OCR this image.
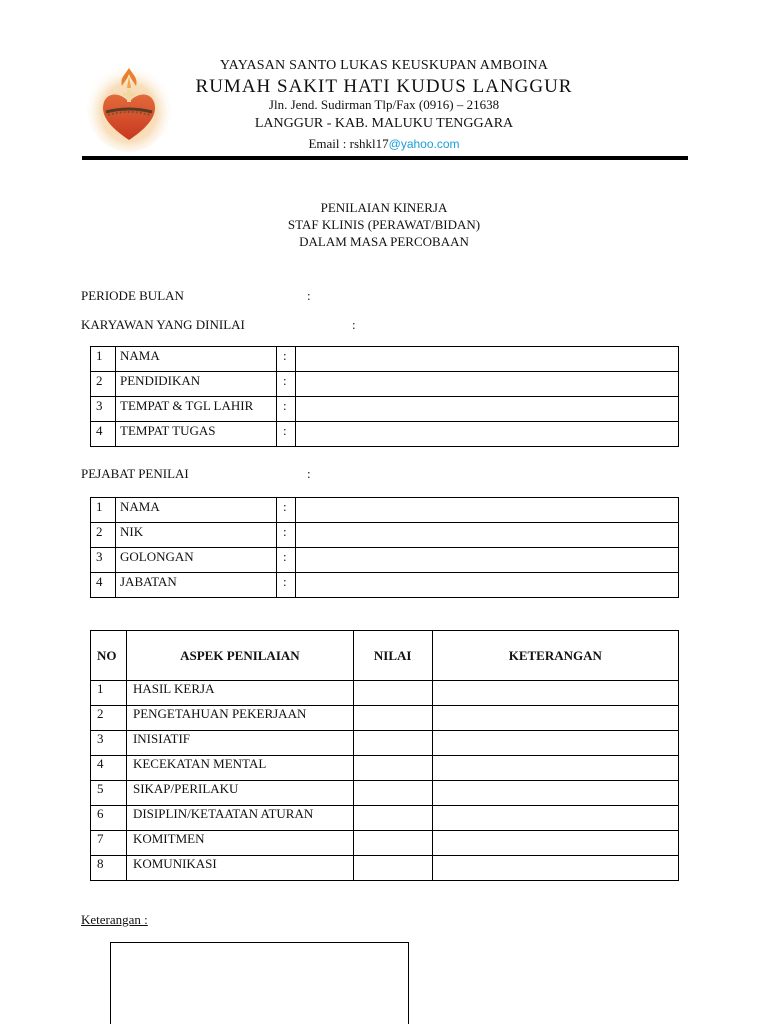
YAYASAN SANTO LUKAS KEUSKUPAN AMBOINA
RUMAH SAKIT HATI KUDUS LANGGUR
Jln. Jend. Sudirman Tlp/Fax (0916) – 21638
LANGGUR - KAB. MALUKU TENGGARA
Email : rshkl17@yahoo.com
PENILAIAN KINERJA
STAF KLINIS (PERAWAT/BIDAN)
DALAM MASA PERCOBAAN
PERIODE BULAN	:
KARYAWAN YANG DINILAI	:
1	NAMA	:	
2	PENDIDIKAN	:	
3	TEMPAT & TGL LAHIR	:	
4	TEMPAT TUGAS	:	
PEJABAT PENILAI	:
1	NAMA	:	
2	NIK	:	
3	GOLONGAN	:	
4	JABATAN	:	
NO	ASPEK PENILAIAN	NILAI	KETERANGAN
1	HASIL KERJA		
2	PENGETAHUAN PEKERJAAN		
3	INISIATIF		
4	KECEKATAN MENTAL		
5	SIKAP/PERILAKU		
6	DISIPLIN/KETAATAN ATURAN		
7	KOMITMEN		
8	KOMUNIKASI		
Keterangan :
